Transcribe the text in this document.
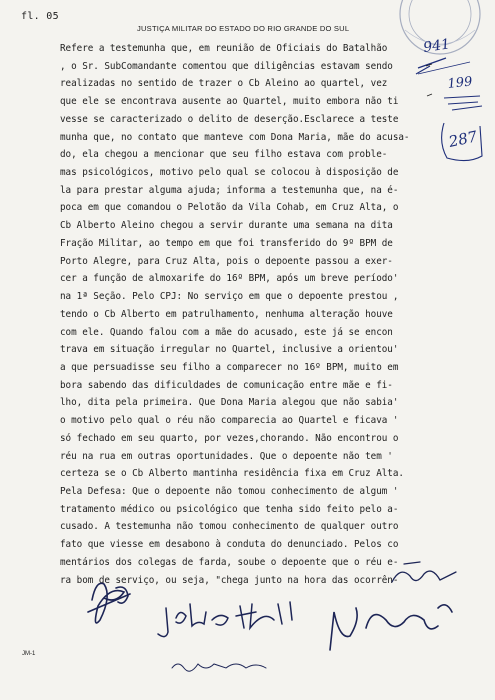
fl. 05
JUSTIÇA MILITAR DO ESTADO DO RIO GRANDE DO SUL
Refere a testemunha que, em reunião de Oficiais do Batalhão
, o Sr. SubComandante comentou que diligências estavam sendo
realizadas no sentido de trazer o Cb Aleino ao quartel, vez
que ele se encontrava ausente ao Quartel, muito embora não ti
vesse se caracterizado o delito de deserção.Esclarece a teste
munha que, no contato que manteve com Dona Maria, mãe do acusa-
do, ela chegou a mencionar que seu filho estava com proble-
mas psicológicos, motivo pelo qual se colocou à disposição de
la para prestar alguma ajuda; informa a testemunha que, na é-
poca em que comandou o Pelotão da Vila Cohab, em Cruz Alta, o
Cb Alberto Aleino chegou a servir durante uma semana na dita
Fração Militar, ao tempo em que foi transferido do 9º BPM de
Porto Alegre, para Cruz Alta, pois o depoente passou a exer-
cer a função de almoxarife do 16º BPM, após um breve período'
na 1ª Seção. Pelo CPJ: No serviço em que o depoente prestou ,
tendo o Cb Alberto em patrulhamento, nenhuma alteração houve
com ele. Quando falou com a mãe do acusado, este já se encon
trava em situação irregular no Quartel, inclusive a orientou'
a que persuadisse seu filho a comparecer no 16º BPM, muito em
bora sabendo das dificuldades de comunicação entre mãe e fi-
lho, dita pela primeira. Que Dona Maria alegou que não sabia'
o motivo pelo qual o réu não comparecia ao Quartel e ficava '
só fechado em seu quarto, por vezes,chorando. Não encontrou o
réu na rua em outras oportunidades. Que o depoente não tem '
certeza se o Cb Alberto mantinha residência fixa em Cruz Alta.
Pela Defesa: Que o depoente não tomou conhecimento de algum '
tratamento médico ou psicológico que tenha sido feito pelo a-
cusado. A testemunha não tomou conhecimento de qualquer outro
fato que viesse em desabono à conduta do denunciado. Pelos co
mentários dos colegas de farda, soube o depoente que o réu e-
ra bom de serviço, ou seja, "chega junto na hora das ocorrên-
JM-1
941
199
287
